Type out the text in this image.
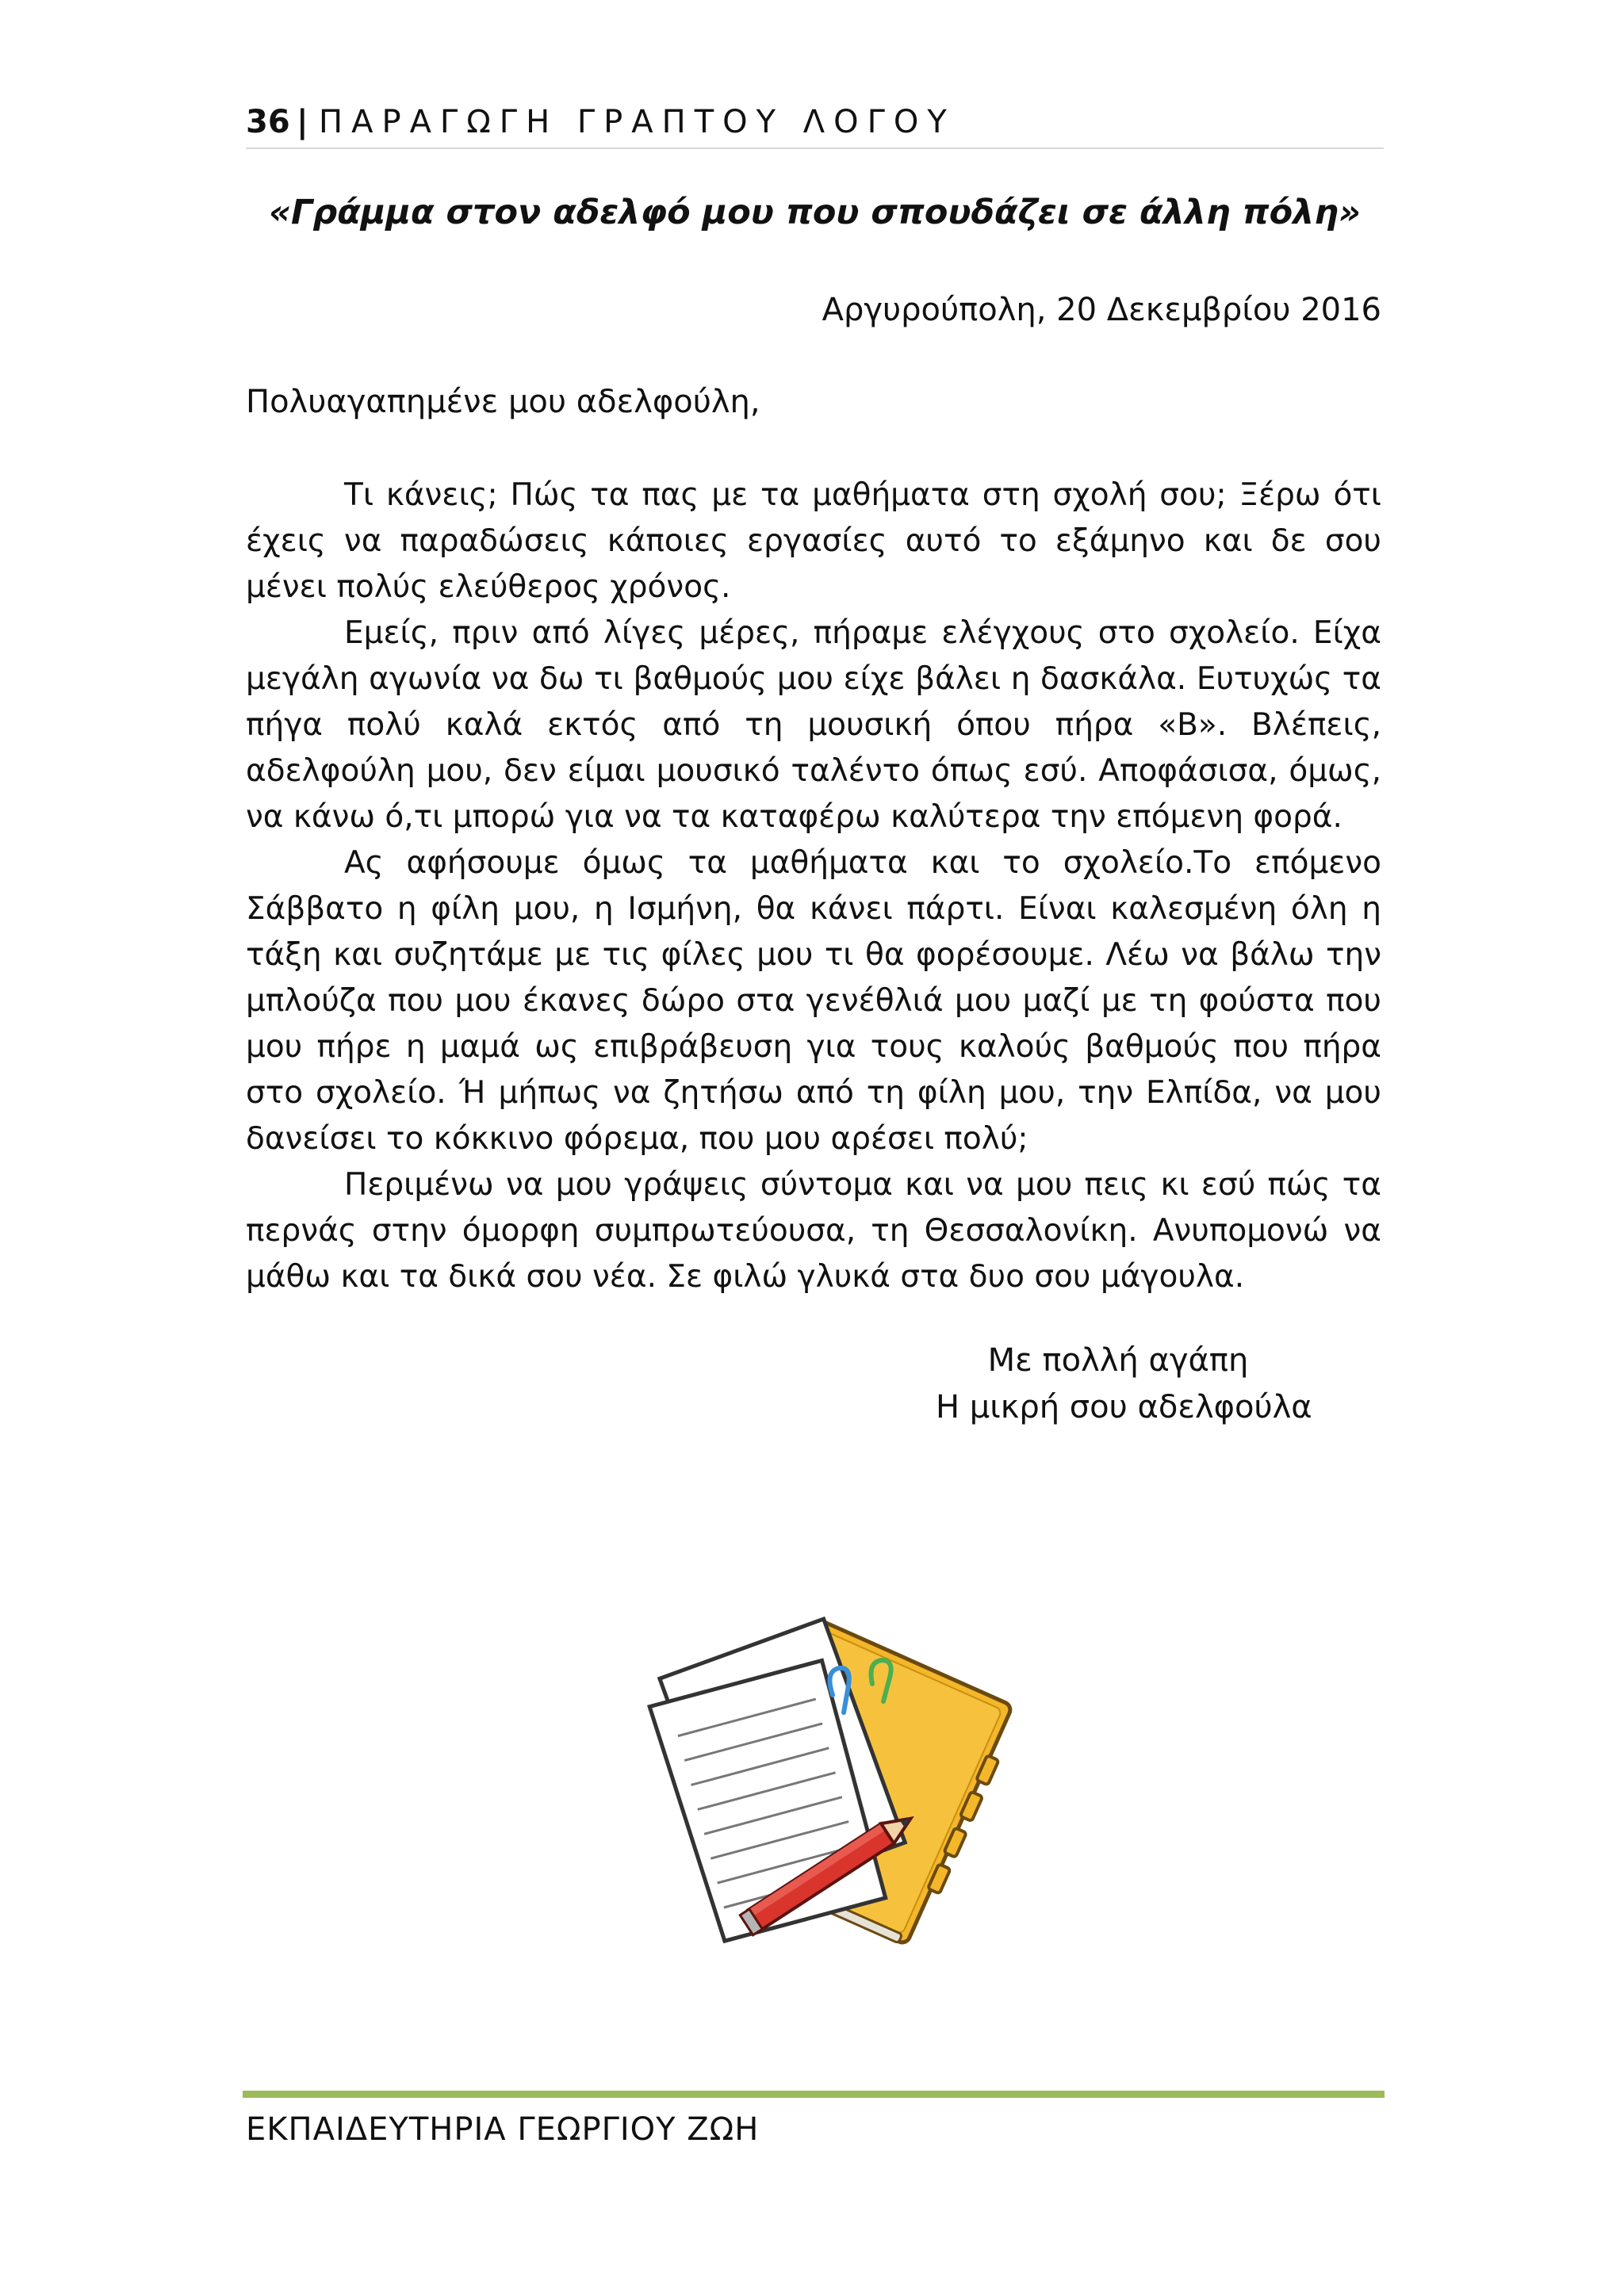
36 | ΠΑΡΑΓΩΓΗ ΓΡΑΠΤΟΥ ΛΟΓΟΥ
«Γράμμα στον αδελφό μου που σπουδάζει σε άλλη πόλη»
Αργυρούπολη, 20 Δεκεμβρίου 2016
Πολυαγαπημένε μου αδελφούλη,

Τι κάνεις; Πώς τα πας με τα μαθήματα στη σχολή σου; Ξέρω ότι έχεις να παραδώσεις κάποιες εργασίες αυτό το εξάμηνο και δε σου μένει πολύς ελεύθερος χρόνος.

Εμείς, πριν από λίγες μέρες, πήραμε ελέγχους στο σχολείο. Είχα μεγάλη αγωνία να δω τι βαθμούς μου είχε βάλει η δασκάλα. Ευτυχώς τα πήγα πολύ καλά εκτός από τη μουσική όπου πήρα «Β». Βλέπεις, αδελφούλη μου, δεν είμαι μουσικό ταλέντο όπως εσύ. Αποφάσισα, όμως, να κάνω ό,τι μπορώ για να τα καταφέρω καλύτερα την επόμενη φορά.

Ας αφήσουμε όμως τα μαθήματα και το σχολείο.Το επόμενο Σάββατο η φίλη μου, η Ισμήνη, θα κάνει πάρτι. Είναι καλεσμένη όλη η τάξη και συζητάμε με τις φίλες μου τι θα φορέσουμε. Λέω να βάλω την μπλούζα που μου έκανες δώρο στα γενέθλιά μου μαζί με τη φούστα που μου πήρε η μαμά ως επιβράβευση για τους καλούς βαθμούς που πήρα στο σχολείο. Ή μήπως να ζητήσω από τη φίλη μου, την Ελπίδα, να μου δανείσει το κόκκινο φόρεμα, που μου αρέσει πολύ;

Περιμένω να μου γράψεις σύντομα και να μου πεις κι εσύ πώς τα περνάς στην όμορφη συμπρωτεύουσα, τη Θεσσαλονίκη. Ανυπομονώ να μάθω και τα δικά σου νέα. Σε φιλώ γλυκά στα δυο σου μάγουλα.

Με πολλή αγάπη
Η μικρή σου αδελφούλα
ΕΚΠΑΙΔΕΥΤΗΡΙΑ ΓΕΩΡΓΙΟΥ ΖΩΗ
